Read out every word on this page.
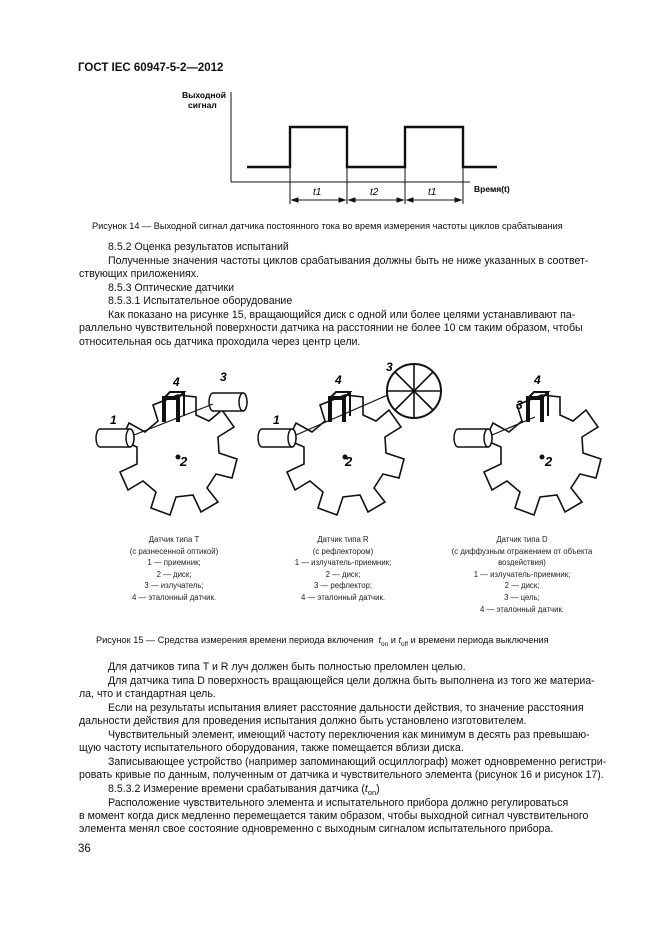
ГОСТ IEC 60947-5-2—2012
Выходной
сигнал
t1	t2	t1	Время(t)
Рисунок 14 — Выходной сигнал датчика постоянного тока во время измерения частоты циклов срабатывания
8.5.2 Оценка результатов испытаний
Полученные значения частоты циклов срабатывания должны быть не ниже указанных в соответ-
ствующих приложениях.
8.5.3 Оптические датчики
8.5.3.1 Испытательное оборудование
Как показано на рисунке 15, вращающийся диск с одной или более целями устанавливают па-
раллельно чувствительной поверхности датчика на расстоянии не более 10 см таким образом, чтобы
относительная ось датчика проходила через центр цели.
1
2
3
4
1
2
3
4
2
3
4
Датчик типа T
(с разнесенной оптикой)
1 — приемник;
2 — диск;
3 — излучатель;
4 — эталонный датчик.
Датчик типа R
(с рефлектором)
1 — излучатель-приемник;
2 — диск;
3 — рефлектор;
4 — эталонный датчик.
Датчик типа D
(с диффузным отражением от объекта
воздействия)
1 — излучатель-приемник;
2 — диск;
3 — цель;
4 — эталонный датчик.
Рисунок 15 — Средства измерения времени периода включения $t_{on}$ и $t_{off}$ и времени периода выключения
Для датчиков типа T и R луч должен быть полностью преломлен целью.
Для датчика типа D поверхность вращающейся цели должна быть выполнена из того же материа-
ла, что и стандартная цель.
Если на результаты испытания влияет расстояние дальности действия, то значение расстояния
дальности действия для проведения испытания должно быть установлено изготовителем.
Чувствительный элемент, имеющий частоту переключения как минимум в десять раз превышаю-
щую частоту испытательного оборудования, также помещается вблизи диска.
Записывающее устройство (например запоминающий осциллограф) может одновременно регистри-
ровать кривые по данным, полученным от датчика и чувствительного элемента (рисунок 16 и рисунок 17).
8.5.3.2 Измерение времени срабатывания датчика $(t_{on})$
Расположение чувствительного элемента и испытательного прибора должно регулироваться
в момент когда диск медленно перемещается таким образом, чтобы выходной сигнал чувствительного
элемента менял свое состояние одновременно с выходным сигналом испытательного прибора.
36
